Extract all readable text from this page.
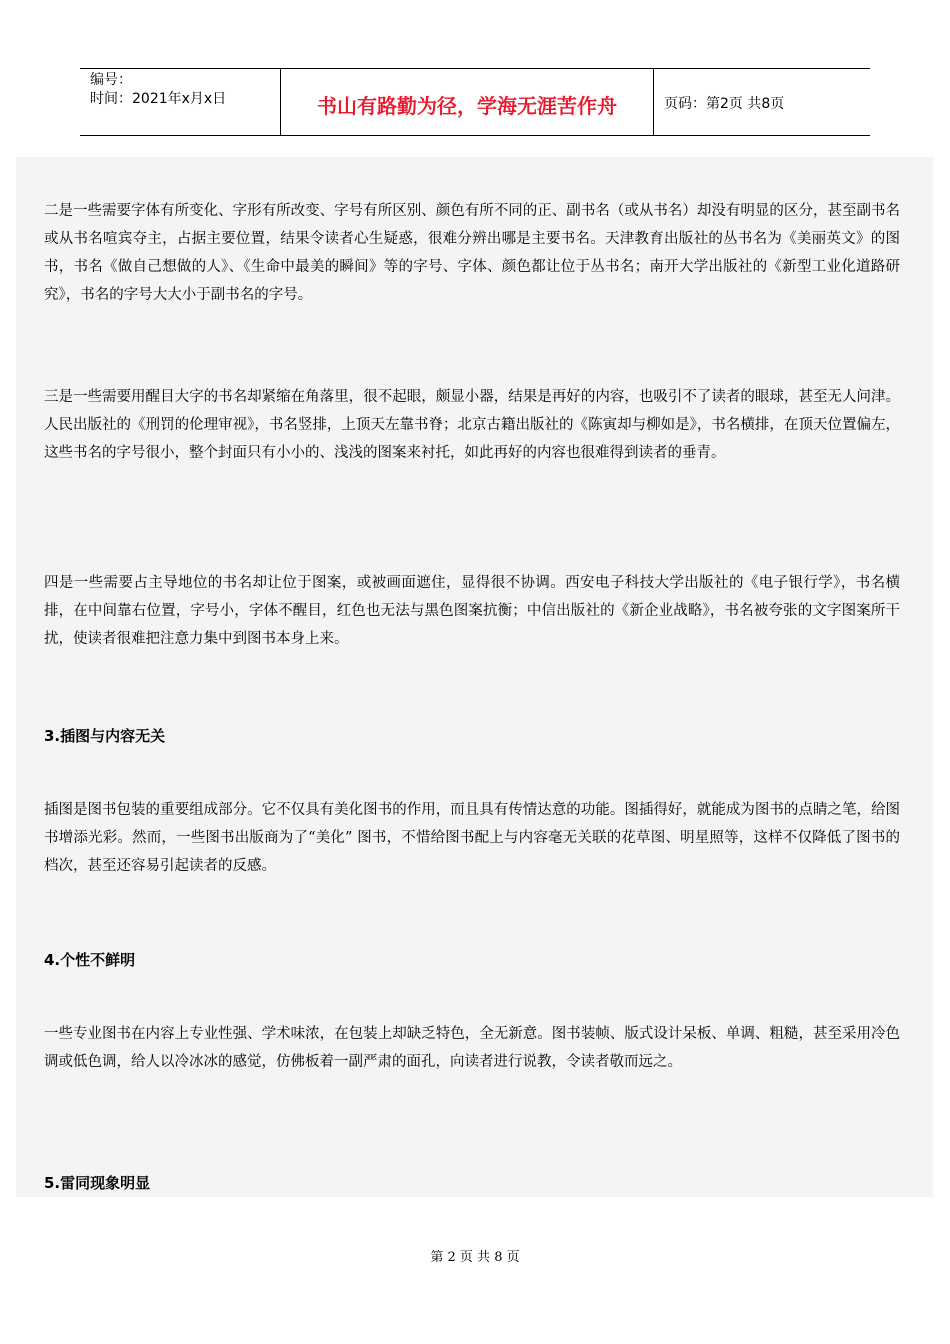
编号：
时间：2021年x月x日	书山有路勤为径，学海无涯苦作舟	页码：第2页 共8页

二是一些需要字体有所变化、字形有所改变、字号有所区别、颜色有所不同的正、副书名（或从书名）却没有明显的区分，甚至副书名或从书名喧宾夺主，占据主要位置，结果令读者心生疑惑，很难分辨出哪是主要书名。天津教育出版社的丛书名为《美丽英文》的图书，书名《做自己想做的人》、《生命中最美的瞬间》等的字号、字体、颜色都让位于丛书名；南开大学出版社的《新型工业化道路研究》，书名的字号大大小于副书名的字号。

三是一些需要用醒目大字的书名却紧缩在角落里，很不起眼，颇显小器，结果是再好的内容，也吸引不了读者的眼球，甚至无人问津。人民出版社的《刑罚的伦理审视》，书名竖排，上顶天左靠书脊；北京古籍出版社的《陈寅却与柳如是》，书名横排，在顶天位置偏左，这些书名的字号很小，整个封面只有小小的、浅浅的图案来衬托，如此再好的内容也很难得到读者的垂青。

四是一些需要占主导地位的书名却让位于图案，或被画面遮住，显得很不协调。西安电子科技大学出版社的《电子银行学》，书名横排，在中间靠右位置，字号小，字体不醒目，红色也无法与黑色图案抗衡；中信出版社的《新企业战略》，书名被夸张的文字图案所干扰，使读者很难把注意力集中到图书本身上来。

3.插图与内容无关

插图是图书包装的重要组成部分。它不仅具有美化图书的作用，而且具有传情达意的功能。图插得好，就能成为图书的点睛之笔，给图书增添光彩。然而，一些图书出版商为了“美化” 图书，不惜给图书配上与内容毫无关联的花草图、明星照等，这样不仅降低了图书的档次，甚至还容易引起读者的反感。

4.个性不鲜明

一些专业图书在内容上专业性强、学术味浓，在包装上却缺乏特色，全无新意。图书装帧、版式设计呆板、单调、粗糙，甚至采用冷色调或低色调，给人以冷冰冰的感觉，仿佛板着一副严肃的面孔，向读者进行说教，令读者敬而远之。

5.雷同现象明显

第 2 页 共 8 页
